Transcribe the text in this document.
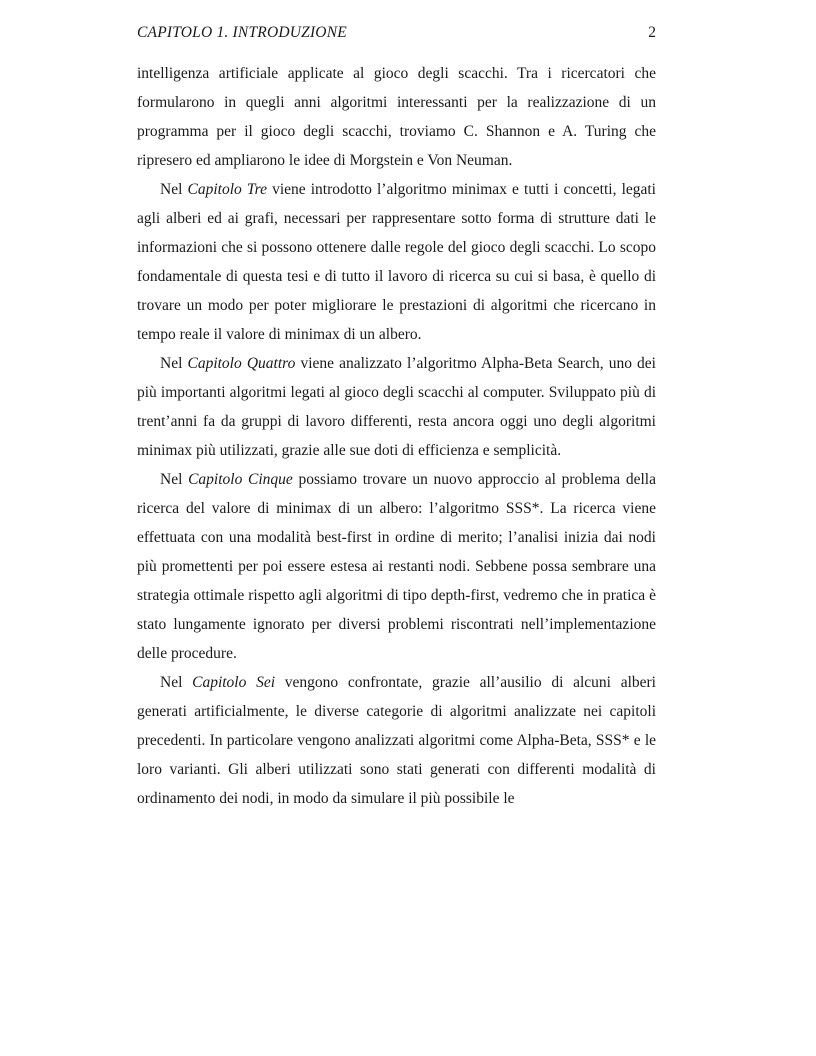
CAPITOLO 1. INTRODUZIONE	2

intelligenza artificiale applicate al gioco degli scacchi. Tra i ricercatori che formularono in quegli anni algoritmi interessanti per la realizzazione di un programma per il gioco degli scacchi, troviamo C. Shannon e A. Turing che ripresero ed ampliarono le idee di Morgstein e Von Neuman.

Nel Capitolo Tre viene introdotto l’algoritmo minimax e tutti i concetti, legati agli alberi ed ai grafi, necessari per rappresentare sotto forma di strutture dati le informazioni che si possono ottenere dalle regole del gioco degli scacchi. Lo scopo fondamentale di questa tesi e di tutto il lavoro di ricerca su cui si basa, è quello di trovare un modo per poter migliorare le prestazioni di algoritmi che ricercano in tempo reale il valore di minimax di un albero.

Nel Capitolo Quattro viene analizzato l’algoritmo Alpha-Beta Search, uno dei più importanti algoritmi legati al gioco degli scacchi al computer. Sviluppato più di trent’anni fa da gruppi di lavoro differenti, resta ancora oggi uno degli algoritmi minimax più utilizzati, grazie alle sue doti di efficienza e semplicità.

Nel Capitolo Cinque possiamo trovare un nuovo approccio al problema della ricerca del valore di minimax di un albero: l’algoritmo SSS*. La ricerca viene effettuata con una modalità best-first in ordine di merito; l’analisi inizia dai nodi più promettenti per poi essere estesa ai restanti nodi. Sebbene possa sembrare una strategia ottimale rispetto agli algoritmi di tipo depth-first, vedremo che in pratica è stato lungamente ignorato per diversi problemi riscontrati nell’implementazione delle procedure.

Nel Capitolo Sei vengono confrontate, grazie all’ausilio di alcuni alberi generati artificialmente, le diverse categorie di algoritmi analizzate nei capitoli precedenti. In particolare vengono analizzati algoritmi come Alpha-Beta, SSS* e le loro varianti. Gli alberi utilizzati sono stati generati con differenti modalità di ordinamento dei nodi, in modo da simulare il più possibile le
